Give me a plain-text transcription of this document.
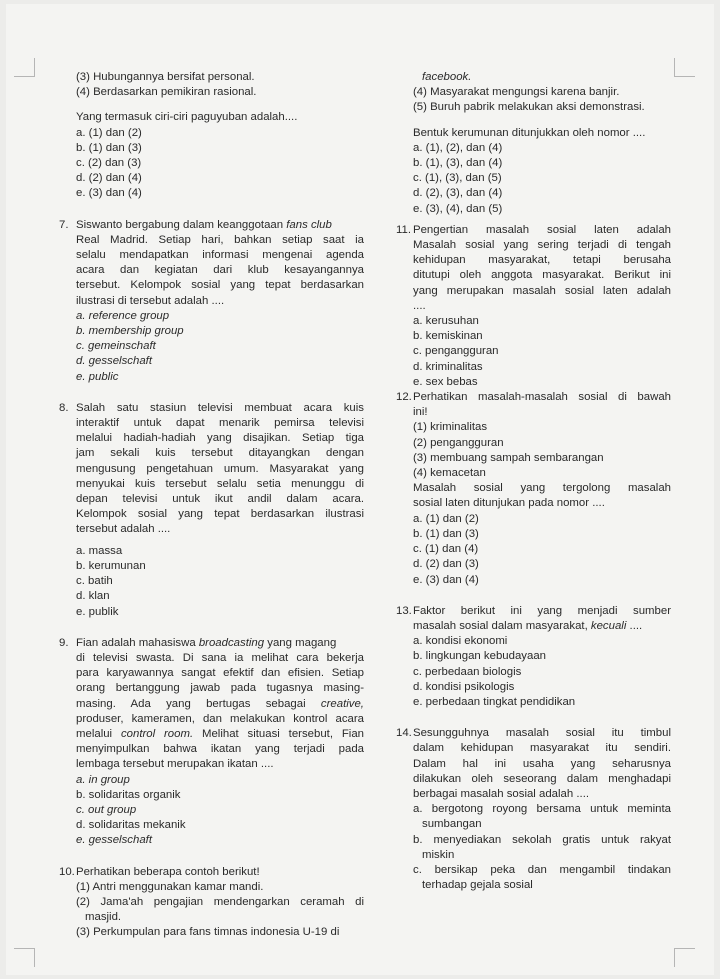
(3) Hubungannya bersifat personal.
(4) Berdasarkan pemikiran rasional.
Yang termasuk ciri-ciri paguyuban adalah....
a. (1) dan (2)
b. (1) dan (3)
c. (2) dan (3)
d. (2) dan (4)
e. (3) dan (4)
7. Siswanto bergabung dalam keanggotaan fans club
Real Madrid. Setiap hari, bahkan setiap saat ia
selalu mendapatkan informasi mengenai agenda
acara dan kegiatan dari klub kesayangannya
tersebut. Kelompok sosial yang tepat berdasarkan
ilustrasi di tersebut adalah ....
a. reference group
b. membership group
c. gemeinschaft
d. gesselschaft
e. public
8. Salah satu stasiun televisi membuat acara kuis
interaktif untuk dapat menarik pemirsa televisi
melalui hadiah-hadiah yang disajikan. Setiap tiga
jam sekali kuis tersebut ditayangkan dengan
mengusung pengetahuan umum. Masyarakat yang
menyukai kuis tersebut selalu setia menunggu di
depan televisi untuk ikut andil dalam acara.
Kelompok sosial yang tepat berdasarkan ilustrasi
tersebut adalah ....
a. massa
b. kerumunan
c. batih
d. klan
e. publik
9. Fian adalah mahasiswa broadcasting yang magang
di televisi swasta. Di sana ia melihat cara bekerja
para karyawannya sangat efektif dan efisien. Setiap
orang bertanggung jawab pada tugasnya masing-
masing. Ada yang bertugas sebagai creative,
produser, kameramen, dan melakukan kontrol acara
melalui control room. Melihat situasi tersebut, Fian
menyimpulkan bahwa ikatan yang terjadi pada
lembaga tersebut merupakan ikatan ....
a. in group
b. solidaritas organik
c. out group
d. solidaritas mekanik
e. gesselschaft
10.Perhatikan beberapa contoh berikut!
(1) Antri menggunakan kamar mandi.
(2) Jama'ah pengajian mendengarkan ceramah di
masjid.
(3) Perkumpulan para fans timnas indonesia U-19 di
facebook.
(4) Masyarakat mengungsi karena banjir.
(5) Buruh pabrik melakukan aksi demonstrasi.
Bentuk kerumunan ditunjukkan oleh nomor ....
a. (1), (2), dan (4)
b. (1), (3), dan (4)
c. (1), (3), dan (5)
d. (2), (3), dan (4)
e. (3), (4), dan (5)
11. Pengertian masalah sosial laten adalah
Masalah sosial yang sering terjadi di tengah
kehidupan masyarakat, tetapi berusaha
ditutupi oleh anggota masyarakat. Berikut ini
yang merupakan masalah sosial laten adalah
....
a. kerusuhan
b. kemiskinan
c. pengangguran
d. kriminalitas
e. sex bebas
12.Perhatikan masalah-masalah sosial di bawah
ini!
(1) kriminalitas
(2) pengangguran
(3) membuang sampah sembarangan
(4) kemacetan
Masalah sosial yang tergolong masalah
sosial laten ditunjukan pada nomor ....
a. (1) dan (2)
b. (1) dan (3)
c. (1) dan (4)
d. (2) dan (3)
e. (3) dan (4)
13.Faktor berikut ini yang menjadi sumber
masalah sosial dalam masyarakat, kecuali ....
a. kondisi ekonomi
b. lingkungan kebudayaan
c. perbedaan biologis
d. kondisi psikologis
e. perbedaan tingkat pendidikan
14.Sesungguhnya masalah sosial itu timbul
dalam kehidupan masyarakat itu sendiri.
Dalam hal ini usaha yang seharusnya
dilakukan oleh seseorang dalam menghadapi
berbagai masalah sosial adalah ....
a. bergotong royong bersama untuk meminta
sumbangan
b. menyediakan sekolah gratis untuk rakyat
miskin
c. bersikap peka dan mengambil tindakan
terhadap gejala sosial
